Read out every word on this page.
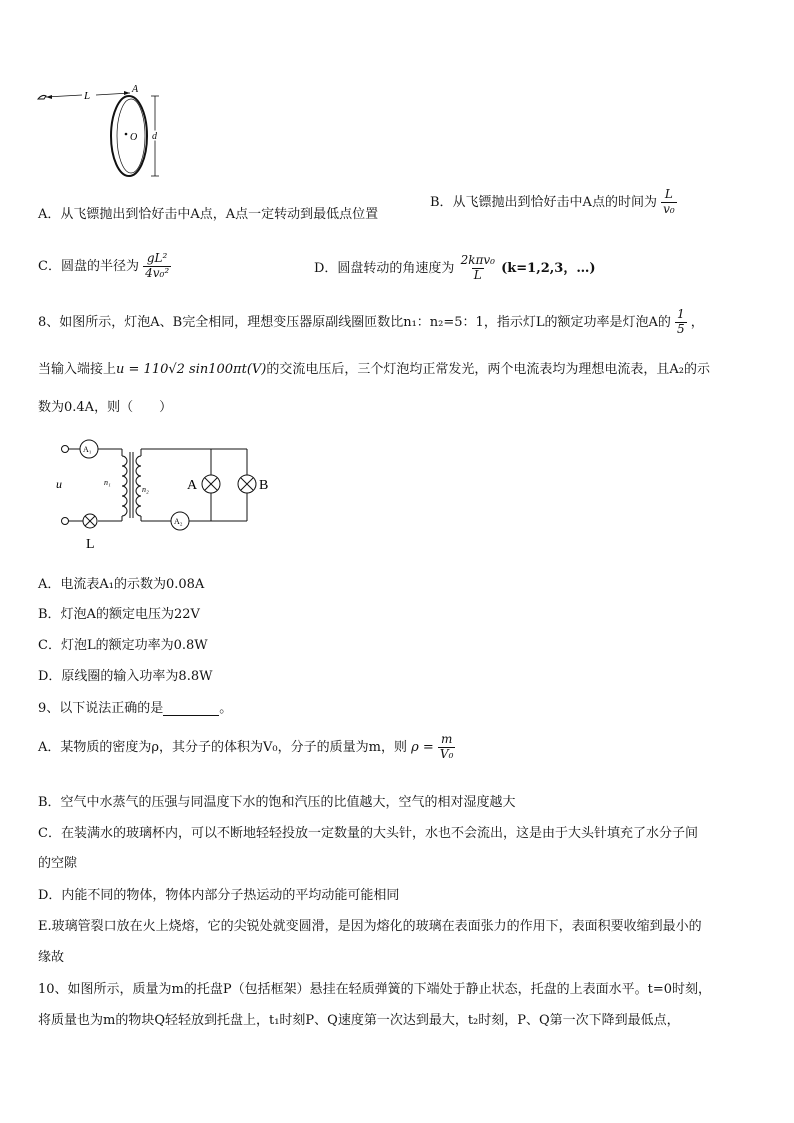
L
A
O d
A．从飞镖抛出到恰好击中A点，A点一定转动到最低点位置
B．从飞镖抛出到恰好击中A点的时间为 $\frac{L}{\text{v₀}}$
C．圆盘的半径为 $\frac{\text{gL²}}{\text{4v₀²}}$	D．圆盘转动的角速度为 $\frac{\text{2kπv₀}}{L} (k=1,2,3$，…)
8、如图所示，灯泡A、B完全相同，理想变压器原副线圈匝数比n₁：n₂=5：1，指示灯L的额定功率是灯泡A的 $\frac{1}{5}$ ，
当输入端接上u = 110√2 sin100πt(V)的交流电压后，三个灯泡均正常发光，两个电流表均为理想电流表，且A₂的示
数为0.4A，则（　　）
A₁
A₂
u	n₁
n₂	A	B
L
A．电流表A₁的示数为0.08A
B．灯泡A的额定电压为22V
C．灯泡L的额定功率为0.8W
D．原线圈的输入功率为8.8W
9、以下说法正确的是	。
A．某物质的密度为ρ，其分子的体积为V₀，分子的质量为m，则 $\rho = \frac{m}{\text{V₀}}$
B．空气中水蒸气的压强与同温度下水的饱和汽压的比值越大，空气的相对湿度越大
C．在装满水的玻璃杯内，可以不断地轻轻投放一定数量的大头针，水也不会流出，这是由于大头针填充了水分子间
的空隙
D．内能不同的物体，物体内部分子热运动的平均动能可能相同
E.玻璃管裂口放在火上烧熔，它的尖锐处就变圆滑，是因为熔化的玻璃在表面张力的作用下，表面积要收缩到最小的
缘故
10、如图所示，质量为m的托盘P（包括框架）悬挂在轻质弹簧的下端处于静止状态，托盘的上表面水平。t=0时刻，
将质量也为m的物块Q轻轻放到托盘上，t₁时刻P、Q速度第一次达到最大，t₂时刻，P、Q第一次下降到最低点，
